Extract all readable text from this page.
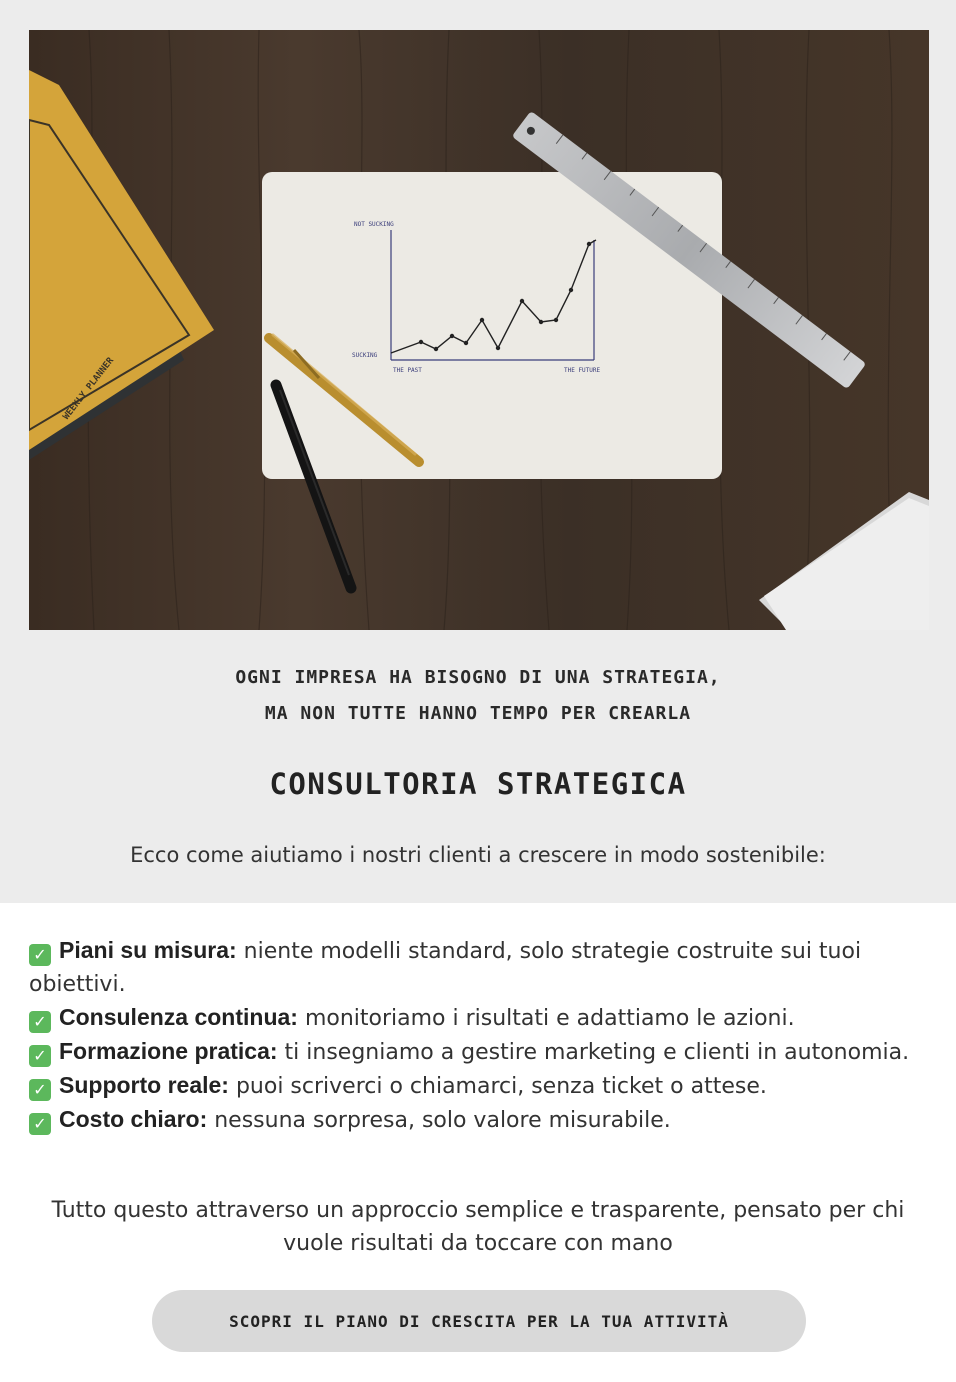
WEEKLY PLANNER
NOT SUCKING
SUCKING
THE PAST	THE FUTURE
OGNI IMPRESA HA BISOGNO DI UNA STRATEGIA,
MA NON TUTTE HANNO TEMPO PER CREARLA
CONSULTORIA STRATEGICA

Ecco come aiutiamo i nostri clienti a crescere in modo sostenibile:

✓ Piani su misura: niente modelli standard, solo strategie costruite sui tuoi obiettivi.
✓ Consulenza continua: monitoriamo i risultati e adattiamo le azioni.
✓ Formazione pratica: ti insegniamo a gestire marketing e clienti in autonomia.
✓ Supporto reale: puoi scriverci o chiamarci, senza ticket o attese.
✓ Costo chiaro: nessuna sorpresa, solo valore misurabile.

Tutto questo attraverso un approccio semplice e trasparente, pensato per chi vuole risultati da toccare con mano

SCOPRI IL PIANO DI CRESCITA PER LA TUA ATTIVITÀ
